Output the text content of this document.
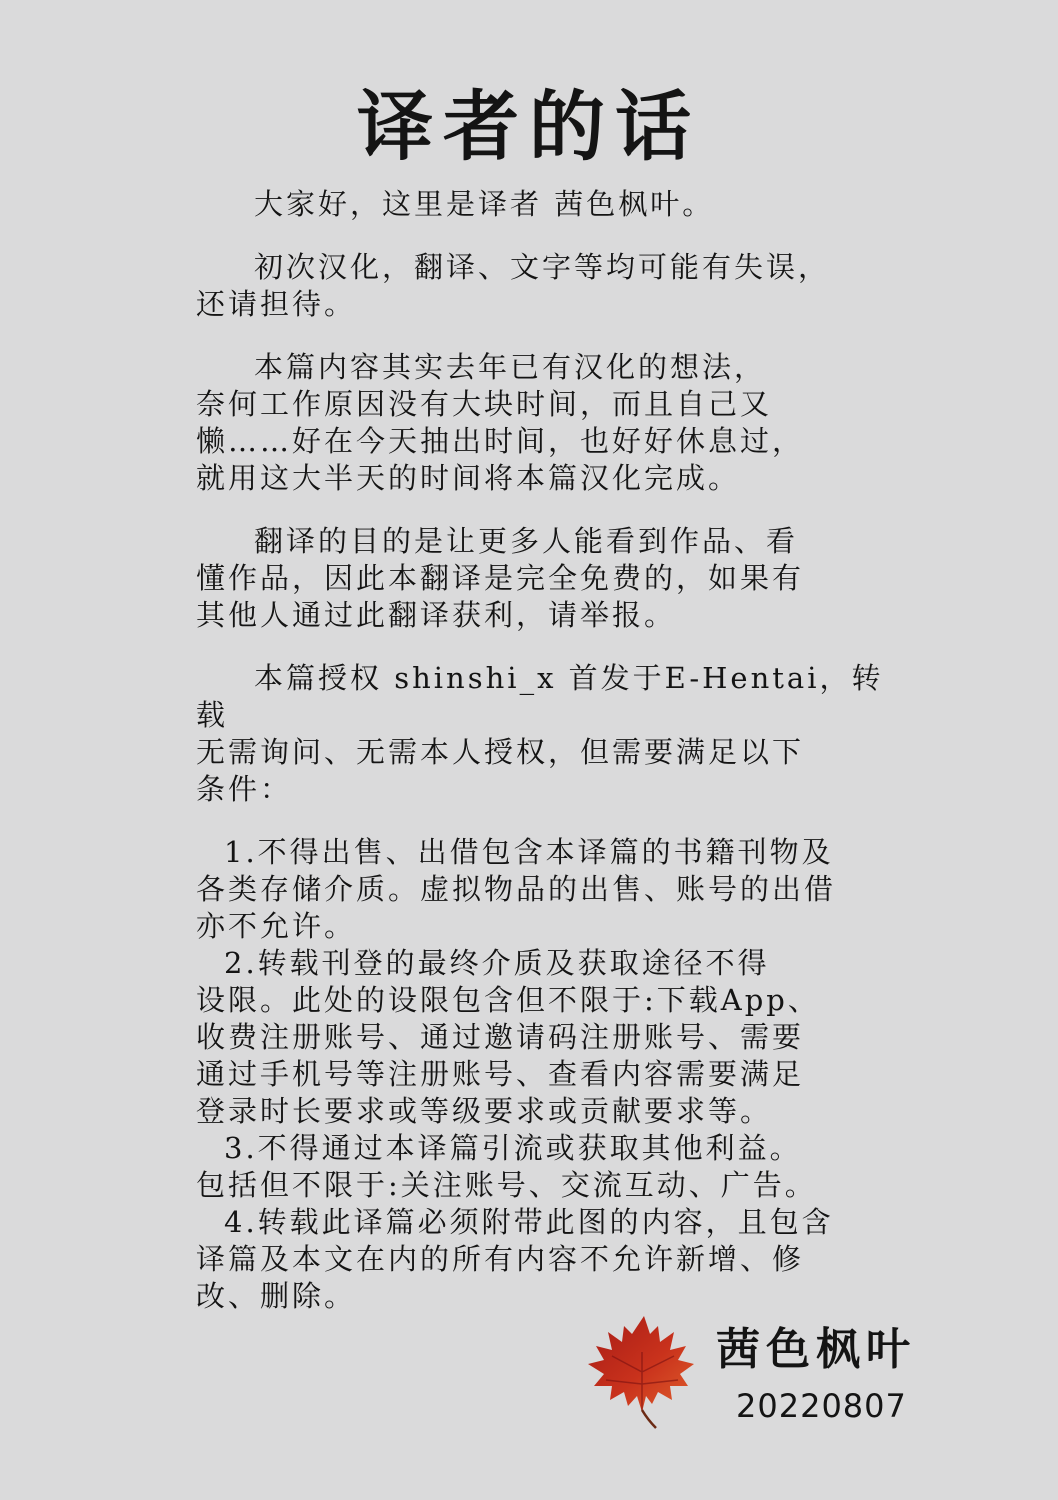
译者的话

大家好，这里是译者 茜色枫叶。

初次汉化，翻译、文字等均可能有失误，
还请担待。

本篇内容其实去年已有汉化的想法，
奈何工作原因没有大块时间，而且自己又
懒……好在今天抽出时间，也好好休息过，
就用这大半天的时间将本篇汉化完成。

翻译的目的是让更多人能看到作品、看
懂作品，因此本翻译是完全免费的，如果有
其他人通过此翻译获利，请举报。

本篇授权 shinshi_x 首发于E-Hentai，转载
无需询问、无需本人授权，但需要满足以下
条件：

1.不得出售、出借包含本译篇的书籍刊物及
各类存储介质。虚拟物品的出售、账号的出借
亦不允许。

2.转载刊登的最终介质及获取途径不得
设限。此处的设限包含但不限于:下载App、
收费注册账号、通过邀请码注册账号、需要
通过手机号等注册账号、查看内容需要满足
登录时长要求或等级要求或贡献要求等。

3.不得通过本译篇引流或获取其他利益。
包括但不限于:关注账号、交流互动、广告。

4.转载此译篇必须附带此图的内容，且包含
译篇及本文在内的所有内容不允许新增、修
改、删除。

茜色枫叶

20220807
